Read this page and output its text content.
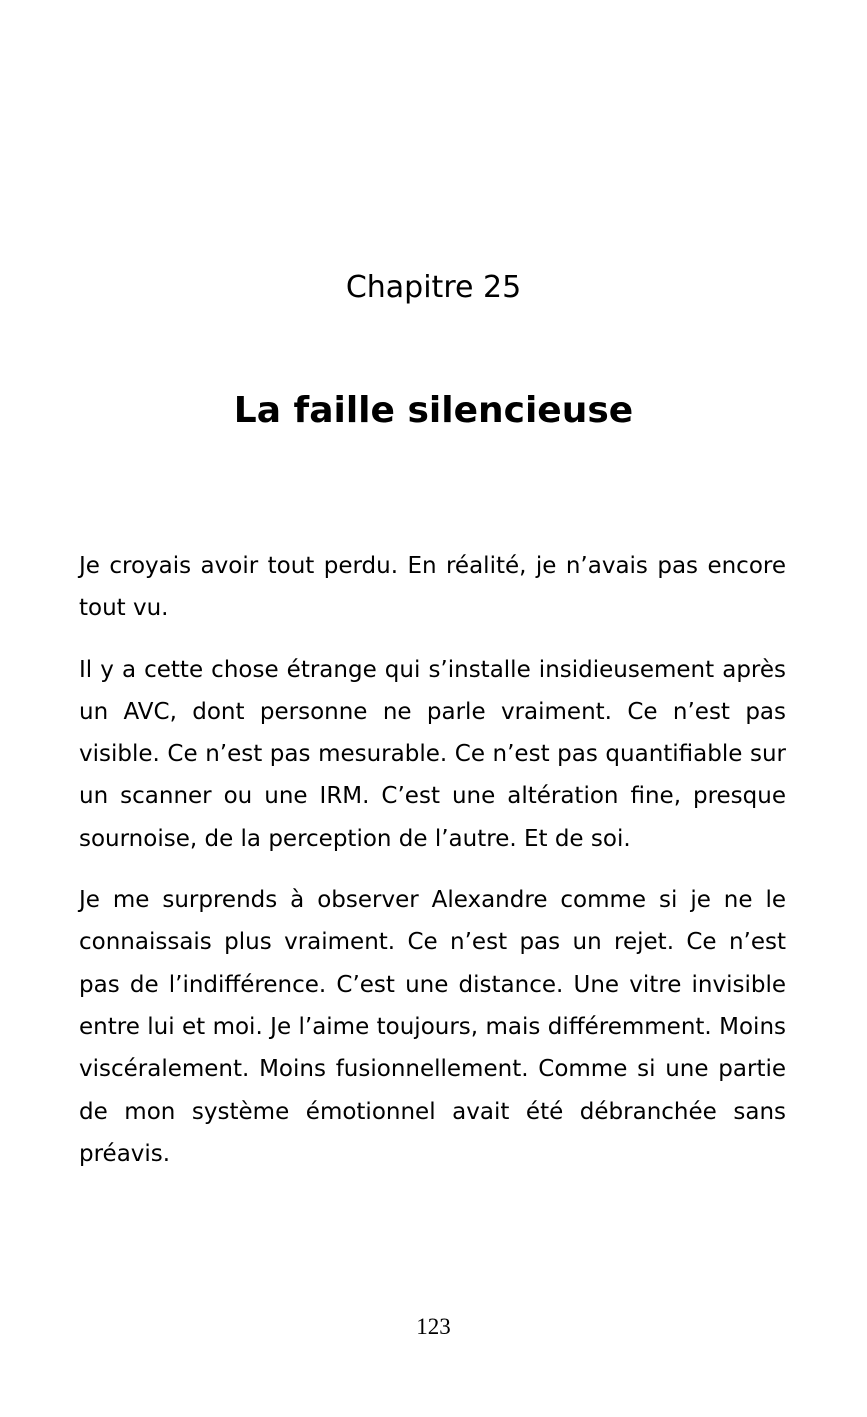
Chapitre 25
La faille silencieuse

Je croyais avoir tout perdu. En réalité, je n’avais pas encore tout vu.

Il y a cette chose étrange qui s’installe insidieusement après un AVC, dont personne ne parle vraiment. Ce n’est pas visible. Ce n’est pas mesurable. Ce n’est pas quantifiable sur un scanner ou une IRM. C’est une altération fine, presque sournoise, de la perception de l’autre. Et de soi.

Je me surprends à observer Alexandre comme si je ne le connaissais plus vraiment. Ce n’est pas un rejet. Ce n’est pas de l’indifférence. C’est une distance. Une vitre invisible entre lui et moi. Je l’aime toujours, mais différemment. Moins viscéralement. Moins fusionnellement. Comme si une partie de mon système émotionnel avait été débranchée sans préavis.

123
